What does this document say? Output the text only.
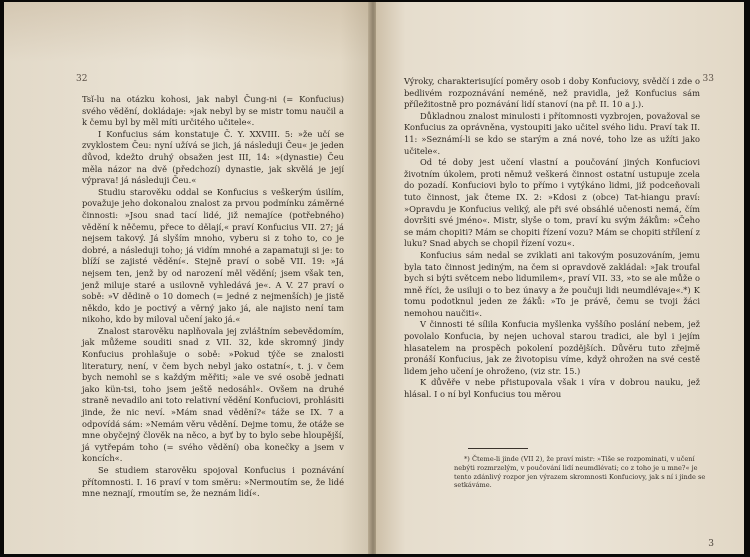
32

Tsĭ-lu na otázku kohosi, jak nabyl Čung-ni (= Konfucius) svého vědění, dokládaje: »jak nebyl by se mistr tomu naučil a k čemu byl by měl míti určitého učitele«.

I Konfucius sám konstatuje Č. Y. XXVIII. 5: »že učí se zvyklostem Čeu: nyní užívá se jich, já následuji Čeu« je jeden důvod, kdežto druhý obsažen jest III, 14: »(dynastie) Čeu měla názor na dvě (předchozí) dynastie, jak skvělá je její výprava! já následuji Čeu.«

Studiu starověku oddal se Konfucius s veškerým úsilím, považuje jeho dokonalou znalost za prvou podmínku záměrné činnosti: »Jsou snad tací lidé, již nemajíce (potřebného) vědění k něčemu, přece to dělají,« praví Konfucius VII. 27; já nejsem takový. Já slyším mnoho, vyberu si z toho to, co je dobré, a následuji toho; já vidím mnohé a zapamatuji si je: to blíží se zajisté vědění«. Stejně praví o sobě VII. 19: »Já nejsem ten, jenž by od narození měl vědění; jsem však ten, jenž miluje staré a usilovně vyhledává je«. A V. 27 praví o sobě: »V dědině o 10 domech (= jedné z nejmenších) je jistě někdo, kdo je poctivý a věrný jako já, ale najisto není tam nikoho, kdo by miloval učení jako já.«

Znalost starověku naplňovala jej zvláštním sebevědomím, jak můžeme souditi snad z VII. 32, kde skromný jindy Konfucius prohlašuje o sobě: »Pokud týče se znalosti literatury, není, v čem bych nebyl jako ostatní«, t. j. v čem bych nemohl se s každým měřiti; »ale ve své osobě jednati jako kün-tsi, toho jsem ještě nedosáhl«. Ovšem na druhé straně nevadilo ani toto relativní vědění Konfuciovi, prohlásiti jinde, že nic neví. »Mám snad vědění?« táže se IX. 7 a odpovídá sám: »Nemám věru vědění. Dejme tomu, že otáže se mne obyčejný člověk na něco, a byť by to bylo sebe hloupější, já vytřepám toho (= svého vědění) oba konečky a jsem v koncích«.

Se studiem starověku spojoval Konfucius i poznávání přítomnosti. I. 16 praví v tom směru: »Nermoutím se, že lidé mne neznají, rmoutím se, že neznám lidí«.

33

Výroky, charakterisující poměry osob i doby Konfuciovy, svědčí i zde o bedlivém rozpoznávání neméně, než pravidla, jež Konfucius sám příležitostně pro poznávání lidí stanoví (na př. II. 10 a j.).

Důkladnou znalost minulosti i přítomnosti vyzbrojen, považoval se Konfucius za oprávněna, vystoupiti jako učitel svého lidu. Praví tak II. 11: »Seznámí-li se kdo se starým a zná nové, toho lze as užíti jako učitele«.

Od té doby jest učení vlastní a poučování jiných Konfuciovi životním úkolem, proti němuž veškerá činnost ostatní ustupuje zcela do pozadí. Konfuciovi bylo to přímo i vytýkáno lidmi, již podceňovali tuto činnost, jak čteme IX. 2: »Kdosi z (obce) Tat-hiangu praví: »Opravdu je Konfucius veliký, ale při své obsáhlé učenosti nemá, čím dovršiti své jméno«. Mistr, slyše o tom, praví ku svým žákům: »Čeho se mám chopiti? Mám se chopiti řízení vozu? Mám se chopiti střílení z luku? Snad abych se chopil řízení vozu«.

Konfucius sám nedal se zviklati ani takovým posuzováním, jemu byla tato činnost jediným, na čem si opravdově zakládal: »Jak troufal bych si býti světcem nebo lidumilem«, praví VII. 33, »to se ale může o mně říci, že usiluji o to bez únavy a že poučuji lidi neumdlévaje«.*) K tomu podotknul jeden ze žáků: »To je právě, čemu se tvoji žáci nemohou naučiti«.

V činnosti té sílila Konfucia myšlenka vyššího poslání nebem, jež povolalo Konfucia, by nejen uchoval starou tradici, ale byl i jejím hlasatelem na prospěch pokolení pozdějších. Důvěru tuto zřejmě pronáší Konfucius, jak ze životopisu víme, když ohrožen na své cestě lidem jeho učení je ohroženo, (viz str. 15.)

K důvěře v nebe přistupovala však i víra v dobrou nauku, jež hlásal. I o ní byl Konfucius tou měrou

*) Čteme-li jinde (VII 2), že praví mistr: »Tiše se rozpominati, v učení nebýti rozmrzelým, v poučování lidí neumdlévati; co z toho je u mne?« je tento zdánlivý rozpor jen výrazem skromnosti Konfuciovy, jak s ní i jinde se setkáváme.
3
